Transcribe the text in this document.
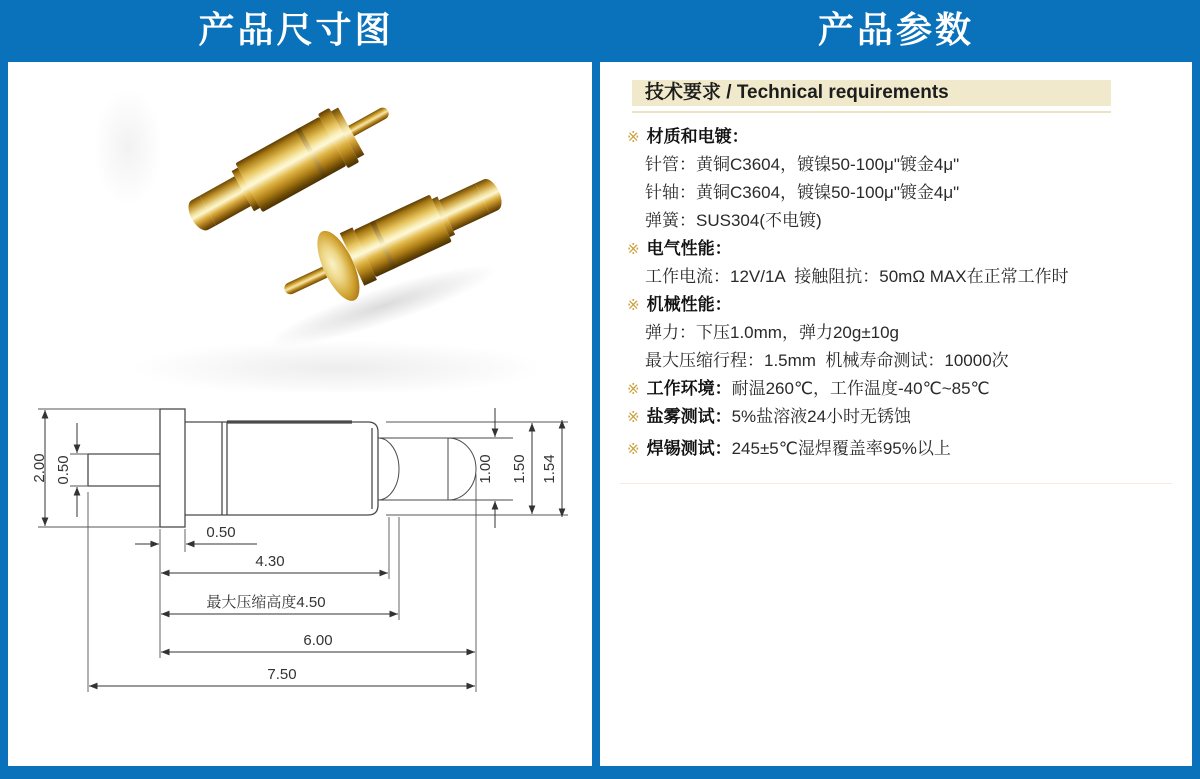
产品尺寸图	产品参数
2.00 0.50	1.00 1.50 1.54
0.50
4.30
最大压缩高度4.50
6.00
7.50
技术要求 / Technical requirements
※ 材质和电镀：
针管：黄铜C3604，镀镍50-100μ"镀金4μ"
针轴：黄铜C3604，镀镍50-100μ"镀金4μ"
弹簧：SUS304(不电镀)
※ 电气性能：
工作电流：12V/1A  接触阻抗：50mΩ MAX在正常工作时
※ 机械性能：
弹力：下压1.0mm，弹力20g±10g
最大压缩行程：1.5mm  机械寿命测试：10000次
※ 工作环境：耐温260℃，工作温度-40℃~85℃
※ 盐雾测试：5%盐溶液24小时无锈蚀
※ 焊锡测试：245±5℃湿焊覆盖率95%以上
